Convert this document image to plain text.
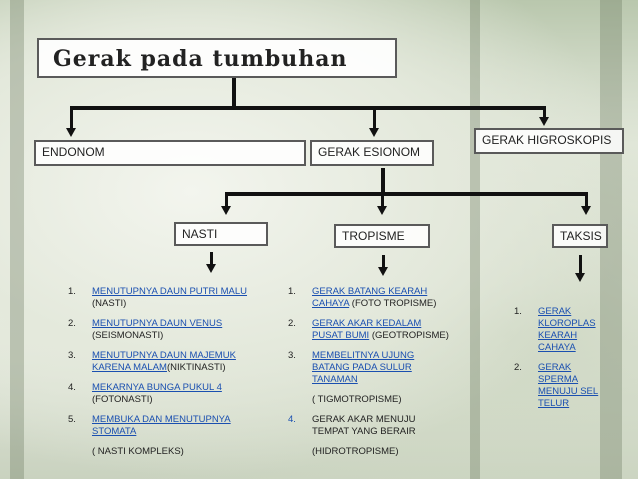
Gerak pada tumbuhan
ENDONOM	GERAK ESIONOM
GERAK HIGROSKOPIS
NASTI	TROPISME	TAKSIS
1.	MENUTUPNYA DAUN PUTRI MALU
(NASTI)
2.	MENUTUPNYA DAUN VENUS
(SEISMONASTI)
3.	MENUTUPNYA DAUN MAJEMUK KARENA MALAM(NIKTINASTI)
4.	MEKARNYA BUNGA PUKUL 4
(FOTONASTI)
5.	MEMBUKA DAN MENUTUPNYA STOMATA
( NASTI KOMPLEKS)
1.	GERAK BATANG KEARAH CAHAYA (FOTO TROPISME)
2.	GERAK AKAR KEDALAM PUSAT BUMI (GEOTROPISME)
3.	MEMBELITNYA UJUNG BATANG PADA SULUR TANAMAN
( TIGMOTROPISME)
4.	GERAK AKAR MENUJU TEMPAT YANG BERAIR
(HIDROTROPISME)
1.	GERAK KLOROPLAS KEARAH CAHAYA
2.	GERAK SPERMA MENUJU SEL TELUR
